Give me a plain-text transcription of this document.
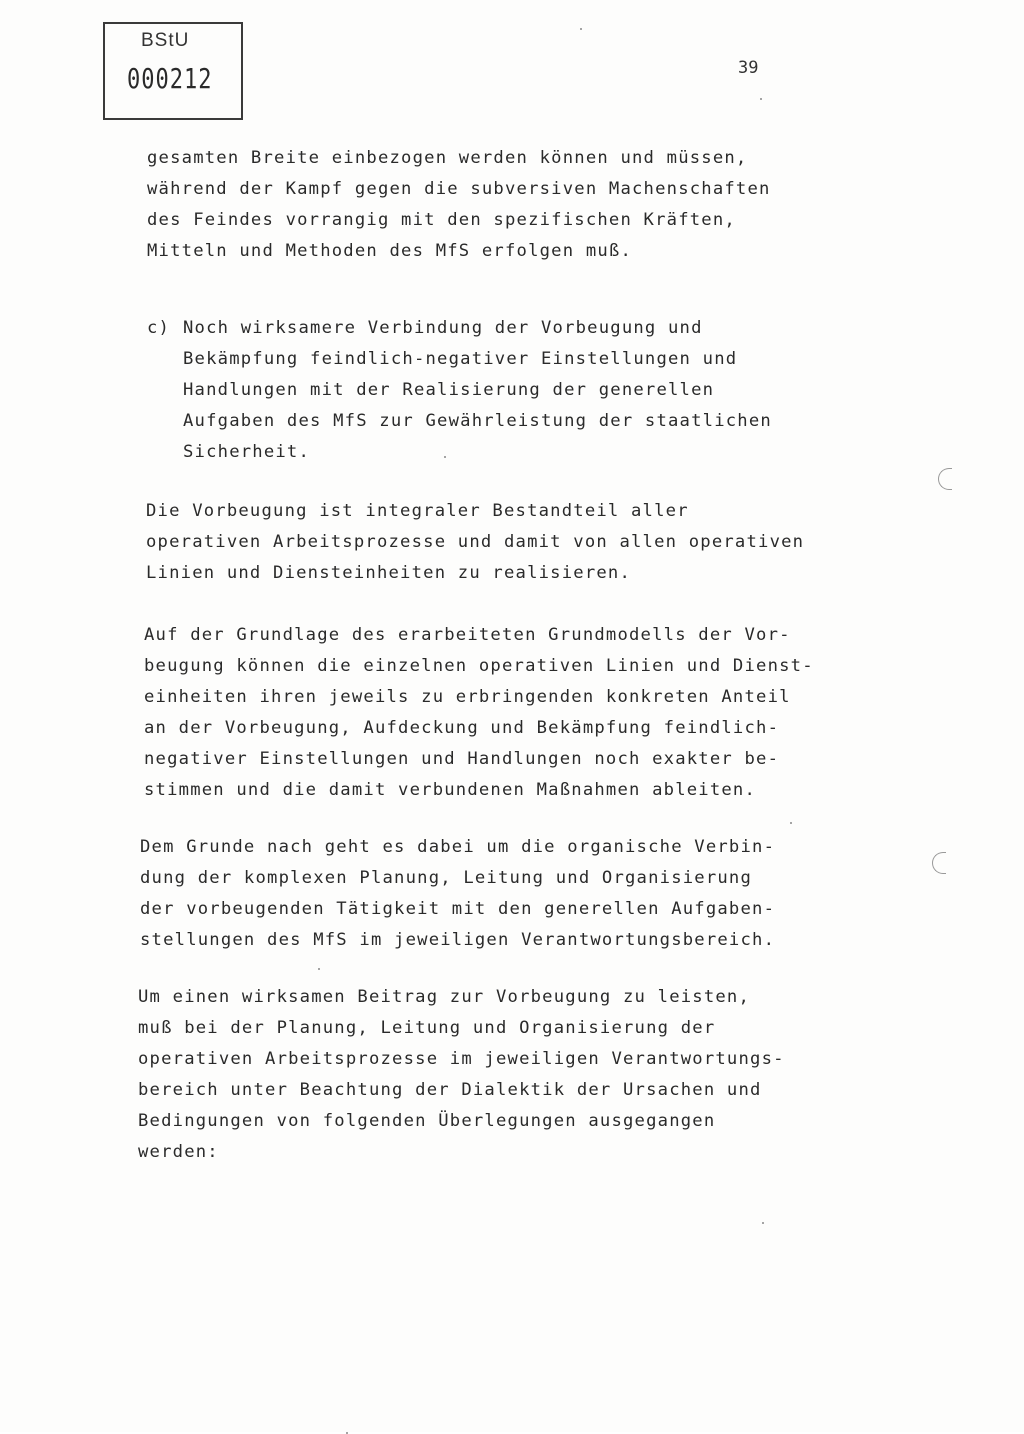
BStU
000212	39

gesamten Breite einbezogen werden können und müssen,
während der Kampf gegen die subversiven Machenschaften
des Feindes vorrangig mit den spezifischen Kräften,
Mitteln und Methoden des MfS erfolgen muß.

c) Noch wirksamere Verbindung der Vorbeugung und
Bekämpfung feindlich-negativer Einstellungen und
Handlungen mit der Realisierung der generellen
Aufgaben des MfS zur Gewährleistung der staatlichen
Sicherheit.

Die Vorbeugung ist integraler Bestandteil aller
operativen Arbeitsprozesse und damit von allen operativen
Linien und Diensteinheiten zu realisieren.

Auf der Grundlage des erarbeiteten Grundmodells der Vor-
beugung können die einzelnen operativen Linien und Dienst-
einheiten ihren jeweils zu erbringenden konkreten Anteil
an der Vorbeugung, Aufdeckung und Bekämpfung feindlich-
negativer Einstellungen und Handlungen noch exakter be-
stimmen und die damit verbundenen Maßnahmen ableiten.

Dem Grunde nach geht es dabei um die organische Verbin-
dung der komplexen Planung, Leitung und Organisierung
der vorbeugenden Tätigkeit mit den generellen Aufgaben-
stellungen des MfS im jeweiligen Verantwortungsbereich.

Um einen wirksamen Beitrag zur Vorbeugung zu leisten,
muß bei der Planung, Leitung und Organisierung der
operativen Arbeitsprozesse im jeweiligen Verantwortungs-
bereich unter Beachtung der Dialektik der Ursachen und
Bedingungen von folgenden Überlegungen ausgegangen
werden:
